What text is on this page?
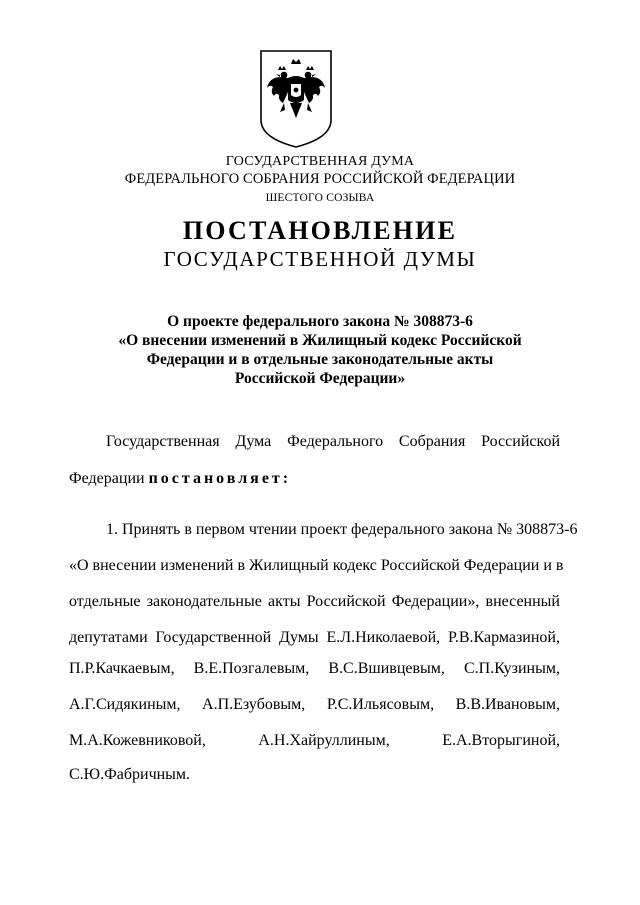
ГОСУДАРСТВЕННАЯ ДУМА
ФЕДЕРАЛЬНОГО СОБРАНИЯ РОССИЙСКОЙ ФЕДЕРАЦИИ
ШЕСТОГО СОЗЫВА
ПОСТАНОВЛЕНИЕ
ГОСУДАРСТВЕННОЙ ДУМЫ
О проекте федерального закона № 308873-6
«О внесении изменений в Жилищный кодекс Российской
Федерации и в отдельные законодательные акты
Российской Федерации»
Государственная Дума Федерального Собрания Российской
Федерации постановляет:
1. Принять в первом чтении проект федерального закона № 308873-6
«О внесении изменений в Жилищный кодекс Российской Федерации и в
отдельные законодательные акты Российской Федерации», внесенный
депутатами Государственной Думы Е.Л.Николаевой, Р.В.Кармазиной,
П.Р.Качкаевым, В.Е.Позгалевым, В.С.Вшивцевым, С.П.Кузиным,
А.Г.Сидякиным, А.П.Езубовым, Р.С.Ильясовым, В.В.Ивановым,
М.А.Кожевниковой,	А.Н.Хайруллиным,	Е.А.Вторыгиной,
С.Ю.Фабричным.
